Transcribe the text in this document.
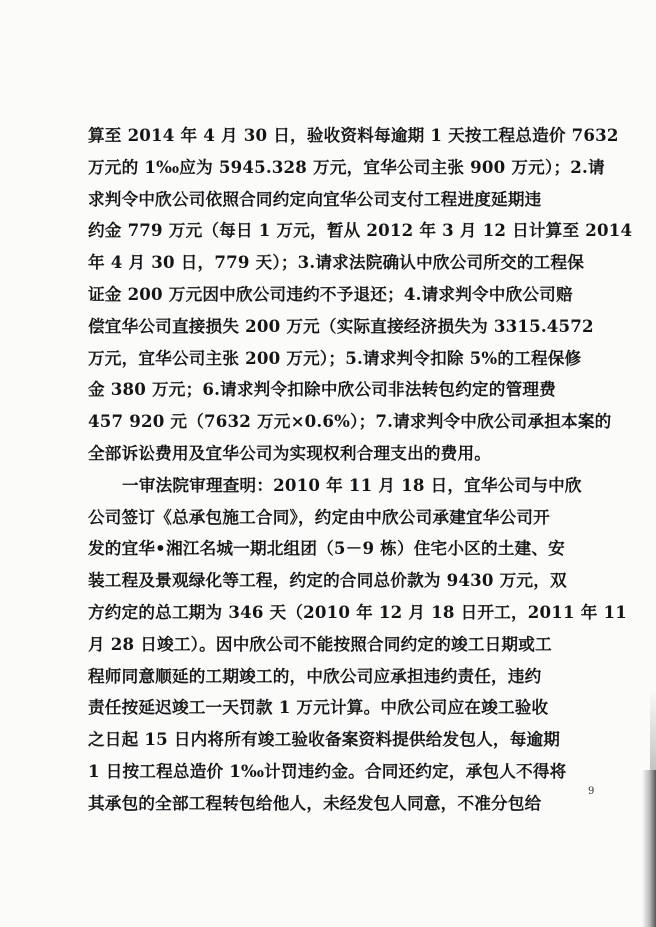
算至 2014 年 4 月 30 日，验收资料每逾期 1 天按工程总造价 7632
万元的 1‰应为 5945.328 万元，宜华公司主张 900 万元）；2.请
求判令中欣公司依照合同约定向宜华公司支付工程进度延期违
约金 779 万元（每日 1 万元，暂从 2012 年 3 月 12 日计算至 2014
年 4 月 30 日，779 天）；3.请求法院确认中欣公司所交的工程保
证金 200 万元因中欣公司违约不予退还；4.请求判令中欣公司赔
偿宜华公司直接损失 200 万元（实际直接经济损失为 3315.4572
万元，宜华公司主张 200 万元）；5.请求判令扣除 5%的工程保修
金 380 万元；6.请求判令扣除中欣公司非法转包约定的管理费
457 920 元（7632 万元×0.6%）；7.请求判令中欣公司承担本案的
全部诉讼费用及宜华公司为实现权利合理支出的费用。
一审法院审理查明：2010 年 11 月 18 日，宜华公司与中欣
公司签订《总承包施工合同》，约定由中欣公司承建宜华公司开
发的宜华•湘江名城一期北组团（5－9 栋）住宅小区的土建、安
装工程及景观绿化等工程，约定的合同总价款为 9430 万元，双
方约定的总工期为 346 天（2010 年 12 月 18 日开工，2011 年 11
月 28 日竣工）。因中欣公司不能按照合同约定的竣工日期或工
程师同意顺延的工期竣工的，中欣公司应承担违约责任，违约
责任按延迟竣工一天罚款 1 万元计算。中欣公司应在竣工验收
之日起 15 日内将所有竣工验收备案资料提供给发包人，每逾期
1 日按工程总造价 1‰计罚违约金。合同还约定，承包人不得将
其承包的全部工程转包给他人，未经发包人同意，不准分包给
9
